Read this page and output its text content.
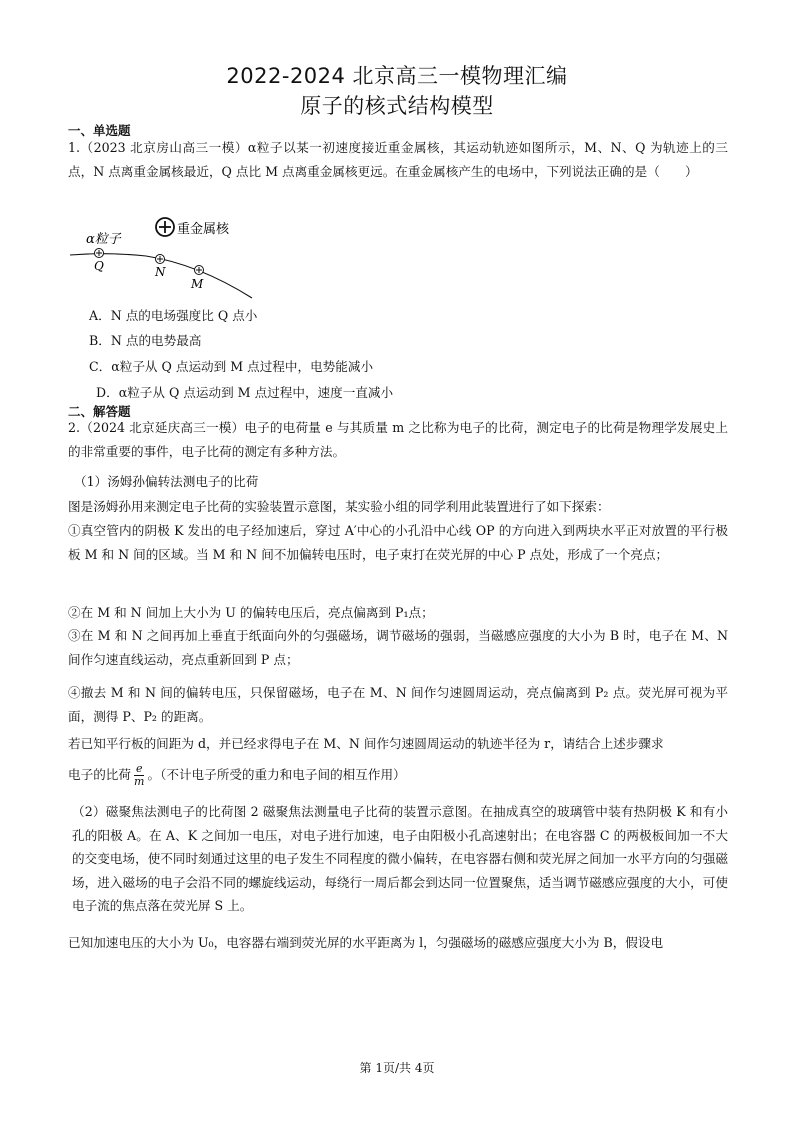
2022-2024 北京高三一模物理汇编
原子的核式结构模型
一、单选题
1.（2023 北京房山高三一模）α粒子以某一初速度接近重金属核，其运动轨迹如图所示，M、N、Q 为轨迹上的三点，N 点离重金属核最近，Q 点比 M 点离重金属核更远。在重金属核产生的电场中，下列说法正确的是（　　）
重金属核
α粒子
Q	N
M
A．N 点的电场强度比 Q 点小
B．N 点的电势最高
C．α粒子从 Q 点运动到 M 点过程中，电势能减小
D．α粒子从 Q 点运动到 M 点过程中，速度一直减小
二、解答题
2.（2024 北京延庆高三一模）电子的电荷量 e 与其质量 m 之比称为电子的比荷，测定电子的比荷是物理学发展史上的非常重要的事件，电子比荷的测定有多种方法。
（1）汤姆孙偏转法测电子的比荷
图是汤姆孙用来测定电子比荷的实验装置示意图，某实验小组的同学利用此装置进行了如下探索：
①真空管内的阴极 K 发出的电子经加速后，穿过 A′中心的小孔沿中心线 OP 的方向进入到两块水平正对放置的平行极板 M 和 N 间的区域。当 M 和 N 间不加偏转电压时，电子束打在荧光屏的中心 P 点处，形成了一个亮点；
②在 M 和 N 间加上大小为 U 的偏转电压后，亮点偏离到 P₁点；
③在 M 和 N 之间再加上垂直于纸面向外的匀强磁场，调节磁场的强弱，当磁感应强度的大小为 B 时，电子在 M、N 间作匀速直线运动，亮点重新回到 P 点；
④撤去 M 和 N 间的偏转电压，只保留磁场，电子在 M、N 间作匀速圆周运动，亮点偏离到 P₂ 点。荧光屏可视为平面，测得 P、P₂ 的距离。
若已知平行板的间距为 d，并已经求得电子在 M、N 间作匀速圆周运动的轨迹半径为 r，请结合上述步骤求
电子的比荷 $\frac{e}{m}$ 。（不计电子所受的重力和电子间的相互作用）
（2）磁聚焦法测电子的比荷图 2 磁聚焦法测量电子比荷的装置示意图。在抽成真空的玻璃管中装有热阴极 K 和有小孔的阳极 A。在 A、K 之间加一电压，对电子进行加速，电子由阳极小孔高速射出；在电容器 C 的两极板间加一不大的交变电场，使不同时刻通过这里的电子发生不同程度的微小偏转，在电容器右侧和荧光屏之间加一水平方向的匀强磁场，进入磁场的电子会沿不同的螺旋线运动，每绕行一周后都会到达同一位置聚焦，适当调节磁感应强度的大小，可使电子流的焦点落在荧光屏 S 上。
已知加速电压的大小为 U₀，电容器右端到荧光屏的水平距离为 l，匀强磁场的磁感应强度大小为 B，假设电
第 1页/共 4页
